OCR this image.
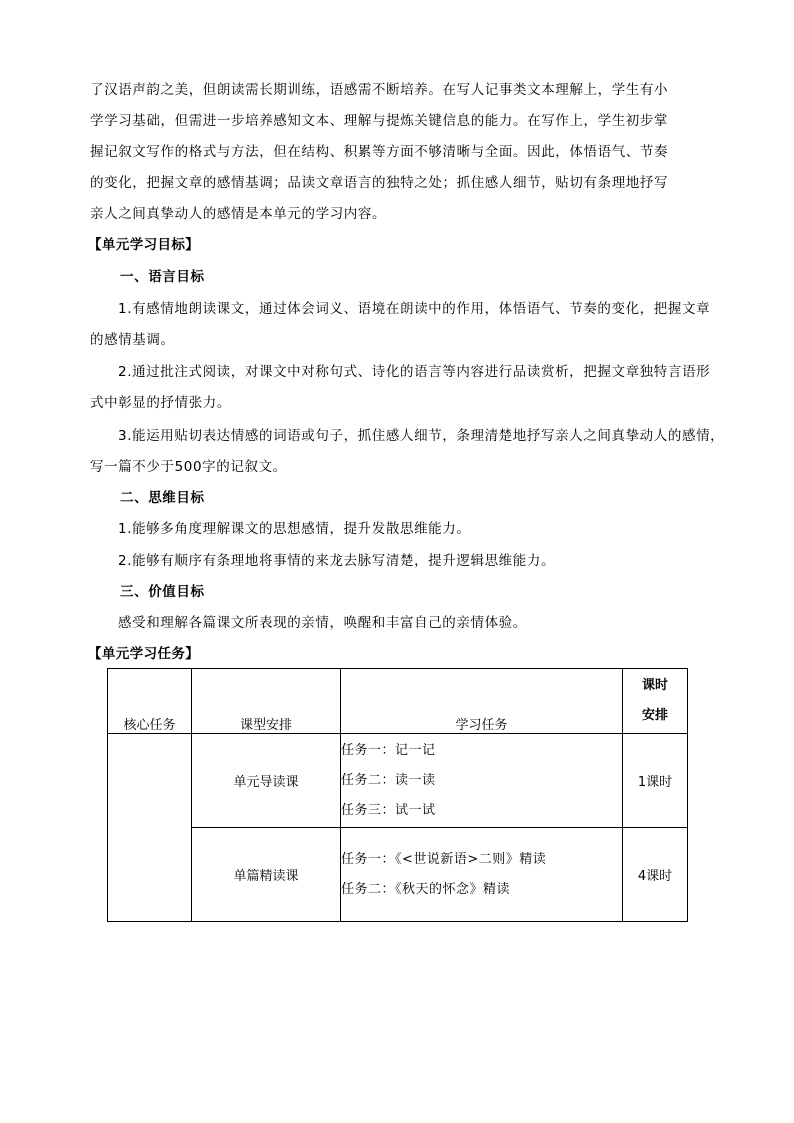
了汉语声韵之美，但朗读需长期训练，语感需不断培养。在写人记事类文本理解上，学生有小
学学习基础，但需进一步培养感知文本、理解与提炼关键信息的能力。在写作上，学生初步掌
握记叙文写作的格式与方法，但在结构、积累等方面不够清晰与全面。因此，体悟语气、节奏
的变化，把握文章的感情基调；品读文章语言的独特之处；抓住感人细节，贴切有条理地抒写
亲人之间真挚动人的感情是本单元的学习内容。
【单元学习目标】
一、语言目标
1.有感情地朗读课文，通过体会词义、语境在朗读中的作用，体悟语气、节奏的变化，把握文章
的感情基调。
2.通过批注式阅读，对课文中对称句式、诗化的语言等内容进行品读赏析，把握文章独特言语形
式中彰显的抒情张力。
3.能运用贴切表达情感的词语或句子，抓住感人细节，条理清楚地抒写亲人之间真挚动人的感情，
写一篇不少于500字的记叙文。
二、思维目标
1.能够多角度理解课文的思想感情，提升发散思维能力。
2.能够有顺序有条理地将事情的来龙去脉写清楚，提升逻辑思维能力。
三、价值目标
感受和理解各篇课文所表现的亲情，唤醒和丰富自己的亲情体验。
【单元学习任务】
核心任务	课型安排	学习任务	课时
安排

	单元导读课	任务一：记一记
任务二：读一读
任务三：试一试	1课时
	单篇精读课	任务一：《<世说新语>二则》精读
任务二：《秋天的怀念》精读	4课时
